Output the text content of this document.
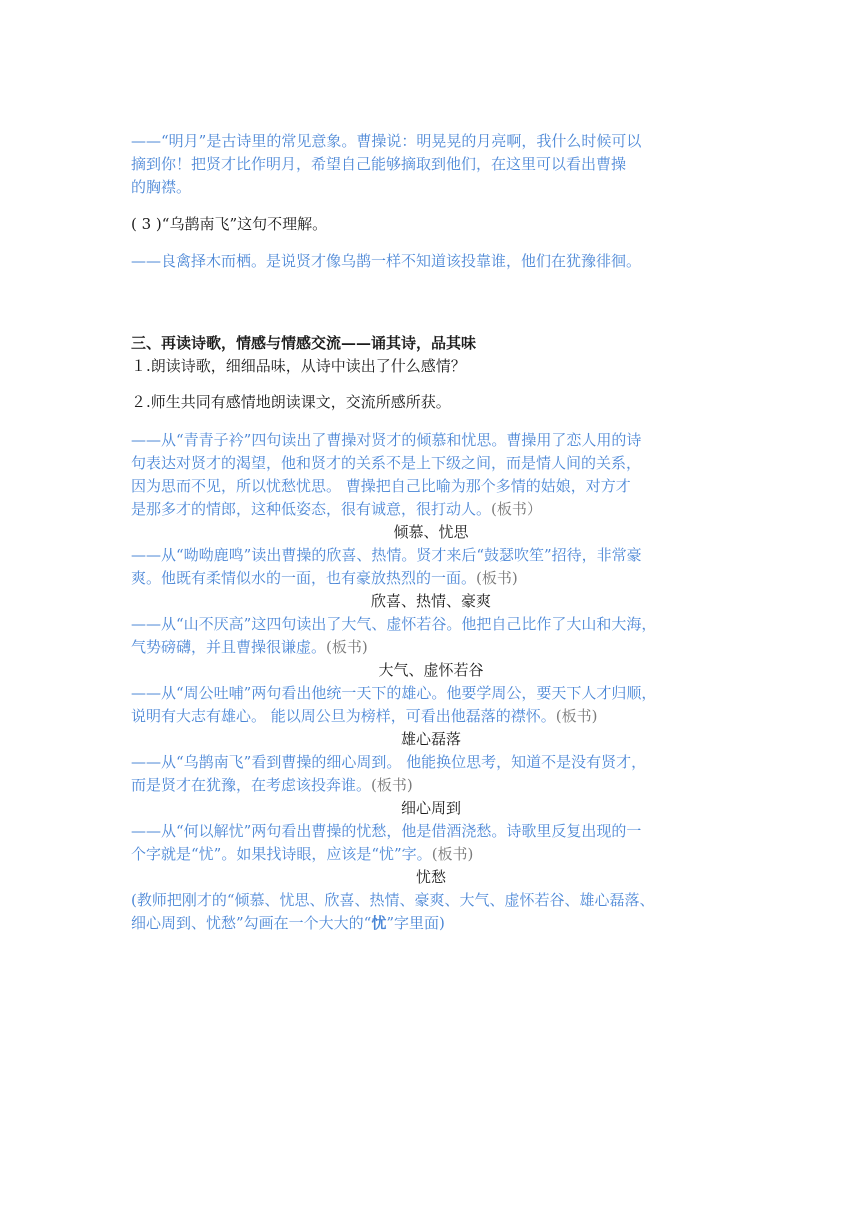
——“明月”是古诗里的常见意象。曹操说：明晃晃的月亮啊，我什么时候可以
摘到你！把贤才比作明月，希望自己能够摘取到他们，在这里可以看出曹操
的胸襟。
( 3 )“乌鹊南飞”这句不理解。
——良禽择木而栖。是说贤才像乌鹊一样不知道该投靠谁，他们在犹豫徘徊。
三、再读诗歌，情感与情感交流——诵其诗，品其味
１.朗读诗歌，细细品味，从诗中读出了什么感情？
２.师生共同有感情地朗读课文，交流所感所获。
——从“青青子衿”四句读出了曹操对贤才的倾慕和忧思。曹操用了恋人用的诗
句表达对贤才的渴望，他和贤才的关系不是上下级之间，而是情人间的关系，
因为思而不见，所以忧愁忧思。 曹操把自己比喻为那个多情的姑娘，对方才
是那多才的情郎，这种低姿态，很有诚意，很打动人。(板书）
倾慕、忧思
——从“呦呦鹿鸣”读出曹操的欣喜、热情。贤才来后“鼓瑟吹笙”招待，非常豪
爽。他既有柔情似水的一面，也有豪放热烈的一面。(板书)
欣喜、热情、豪爽
——从“山不厌高”这四句读出了大气、虚怀若谷。他把自己比作了大山和大海，
气势磅礴，并且曹操很谦虚。(板书)
大气、虚怀若谷
——从“周公吐哺”两句看出他统一天下的雄心。他要学周公，要天下人才归顺，
说明有大志有雄心。 能以周公旦为榜样，可看出他磊落的襟怀。(板书)
雄心磊落
——从“乌鹊南飞”看到曹操的细心周到。 他能换位思考，知道不是没有贤才，
而是贤才在犹豫，在考虑该投奔谁。(板书)
细心周到
——从“何以解忧”两句看出曹操的忧愁，他是借酒浇愁。诗歌里反复出现的一
个字就是“忧”。如果找诗眼，应该是“忧”字。(板书)
忧愁
(教师把刚才的“倾慕、忧思、欣喜、热情、豪爽、大气、虚怀若谷、雄心磊落、
细心周到、忧愁”勾画在一个大大的“忧”字里面)
